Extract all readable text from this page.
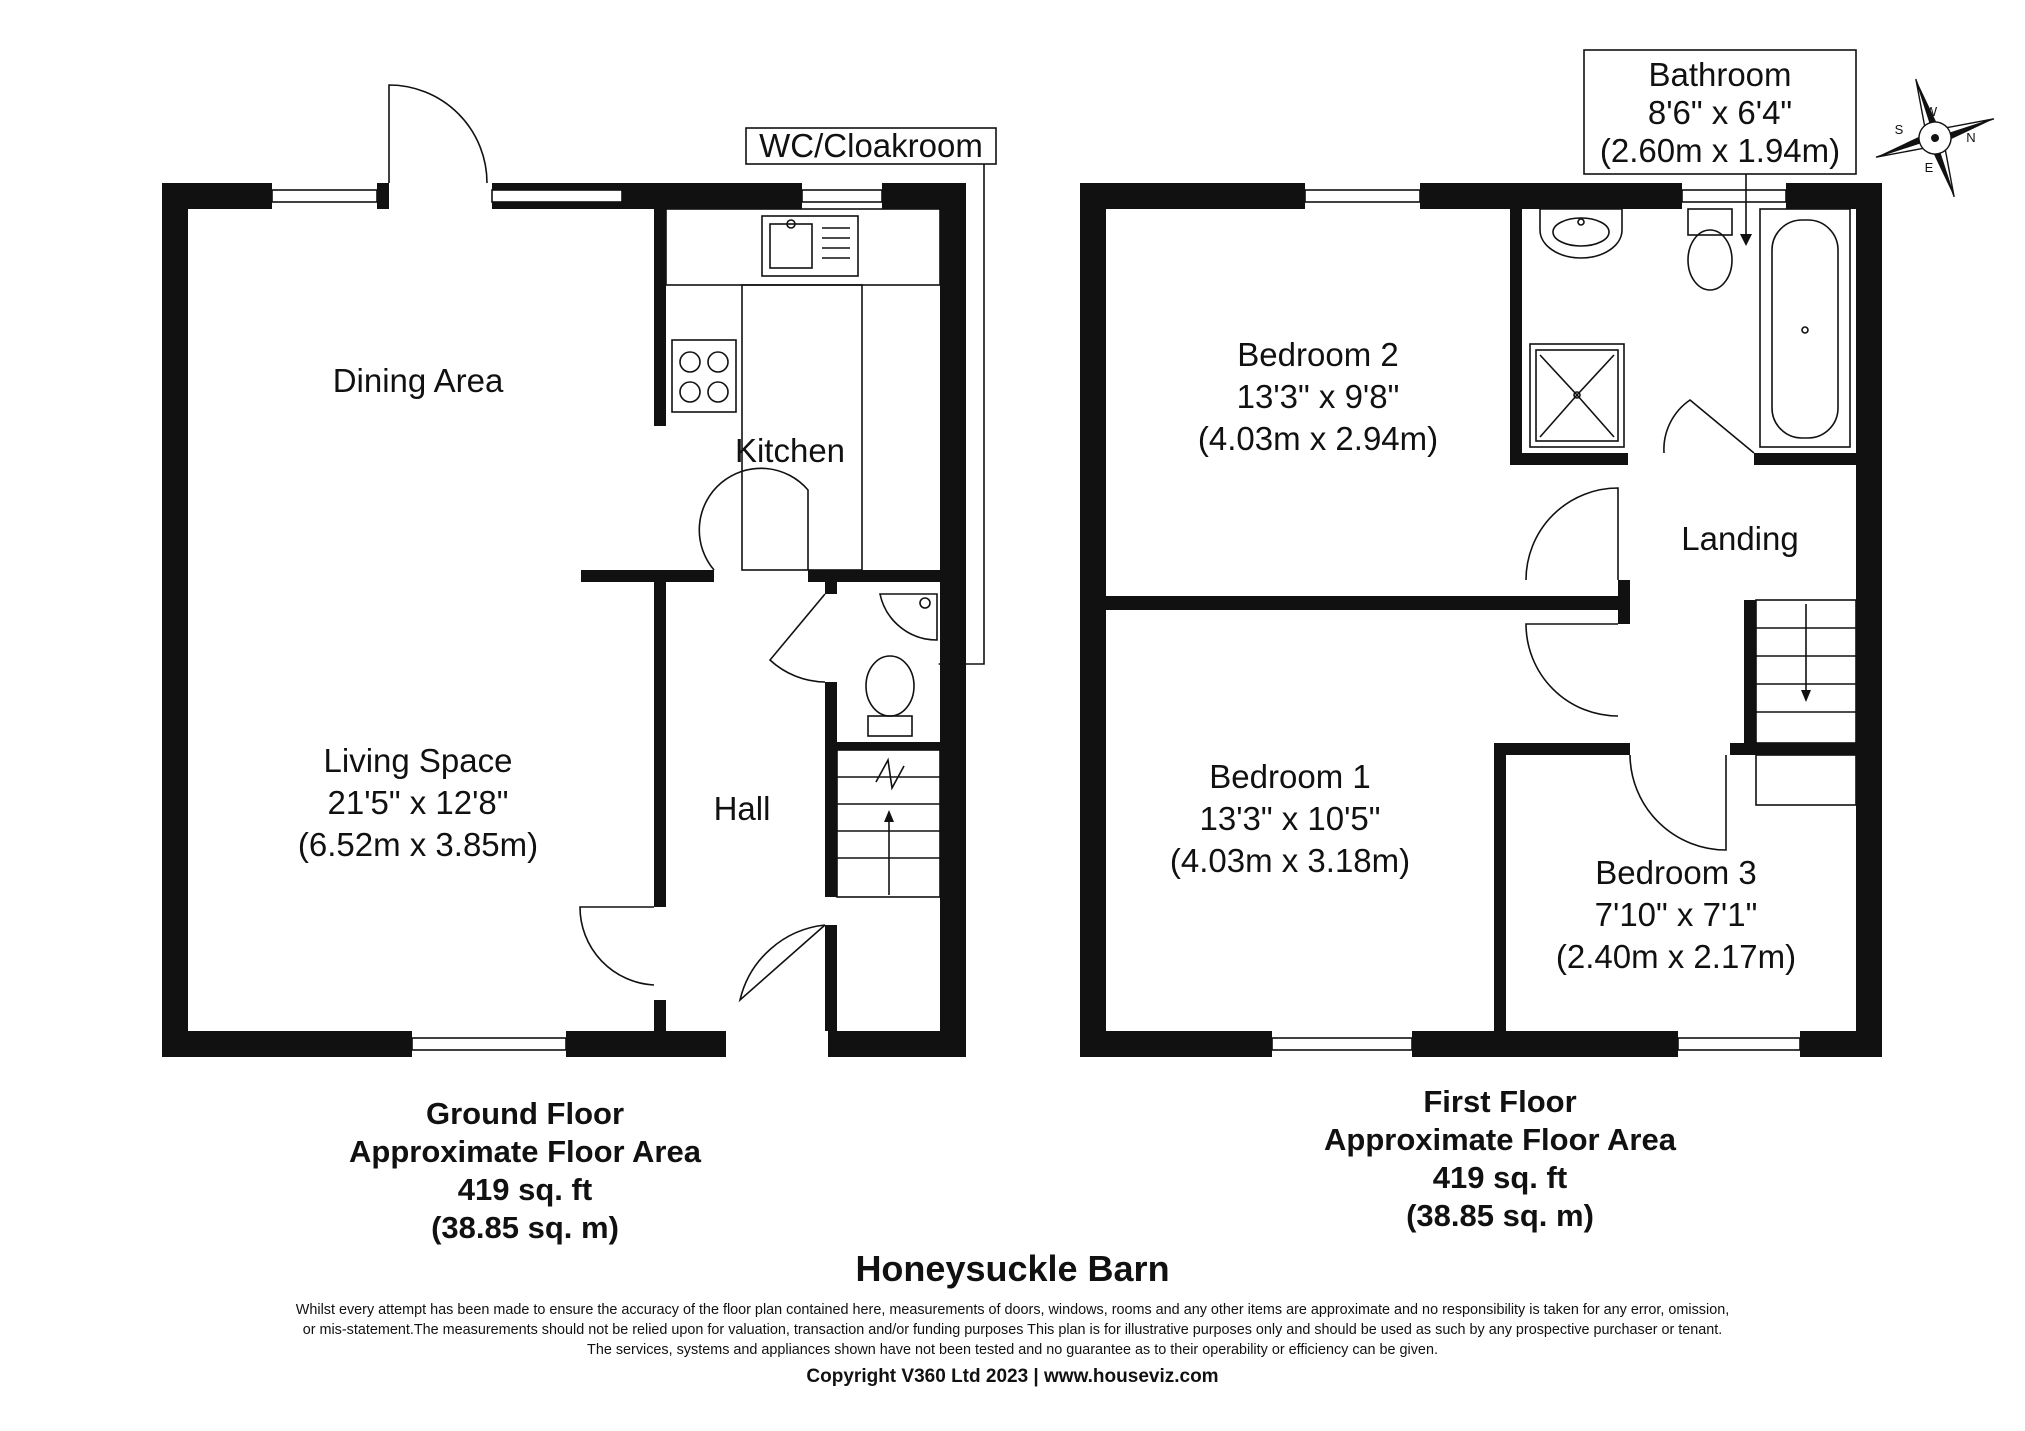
Dining Area
Kitchen
WC/Cloakroom
Living Space
21'5" x 12'8"
(6.52m x 3.85m)
Hall
Bathroom
8'6" x 6'4"
(2.60m x 1.94m)
Bedroom 2
13'3" x 9'8"
(4.03m x 2.94m)
Landing
Bedroom 1
13'3" x 10'5"
(4.03m x 3.18m)	Bedroom 3
7'10" x 7'1"
(2.40m x 2.17m)
W
N
E
S
Ground Floor
Approximate Floor Area
419 sq. ft
(38.85 sq. m)
First Floor
Approximate Floor Area
419 sq. ft
(38.85 sq. m)
Honeysuckle Barn
Whilst every attempt has been made to ensure the accuracy of the floor plan contained here, measurements of doors, windows, rooms and any other items are approximate and no responsibility is taken for any error, omission,
or mis-statement.The measurements should not be relied upon for valuation, transaction and/or funding purposes This plan is for illustrative purposes only and should be used as such by any prospective purchaser or tenant.
The services, systems and appliances shown have not been tested and no guarantee as to their operability or efficiency can be given.
Copyright V360 Ltd 2023 | www.houseviz.com
